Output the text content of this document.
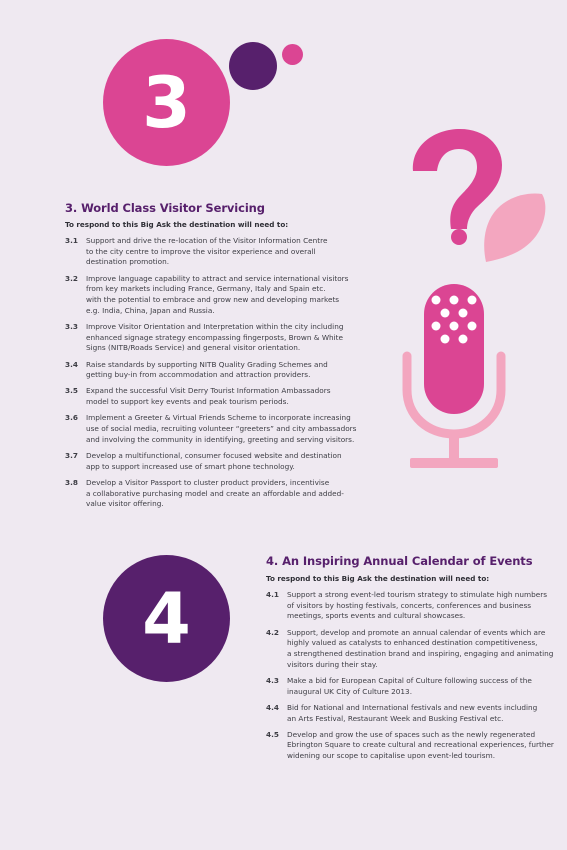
3
3. World Class Visitor Servicing
To respond to this Big Ask the destination will need to:
3.1	Support and drive the re-location of the Visitor Information Centre
to the city centre to improve the visitor experience and overall
destination promotion.
3.2	Improve language capability to attract and service international visitors
from key markets including France, Germany, Italy and Spain etc.
with the potential to embrace and grow new and developing markets
e.g. India, China, Japan and Russia.
3.3	Improve Visitor Orientation and Interpretation within the city including
enhanced signage strategy encompassing fingerposts, Brown & White
Signs (NITB/Roads Service) and general visitor orientation.
3.4	Raise standards by supporting NITB Quality Grading Schemes and
getting buy-in from accommodation and attraction providers.
3.5	Expand the successful Visit Derry Tourist Information Ambassadors
model to support key events and peak tourism periods.
3.6	Implement a Greeter & Virtual Friends Scheme to incorporate increasing
use of social media, recruiting volunteer “greeters” and city ambassadors
and involving the community in identifying, greeting and serving visitors.
3.7	Develop a multifunctional, consumer focused website and destination
app to support increased use of smart phone technology.
3.8	Develop a Visitor Passport to cluster product providers, incentivise
a collaborative purchasing model and create an affordable and added-
value visitor offering.
4
4. An Inspiring Annual Calendar of Events
To respond to this Big Ask the destination will need to:
4.1	Support a strong event-led tourism strategy to stimulate high numbers
of visitors by hosting festivals, concerts, conferences and business
meetings, sports events and cultural showcases.
4.2	Support, develop and promote an annual calendar of events which are
highly valued as catalysts to enhanced destination competitiveness,
a strengthened destination brand and inspiring, engaging and animating
visitors during their stay.
4.3	Make a bid for European Capital of Culture following success of the
inaugural UK City of Culture 2013.
4.4	Bid for National and International festivals and new events including
an Arts Festival, Restaurant Week and Busking Festival etc.
4.5	Develop and grow the use of spaces such as the newly regenerated
Ebrington Square to create cultural and recreational experiences, further
widening our scope to capitalise upon event-led tourism.
